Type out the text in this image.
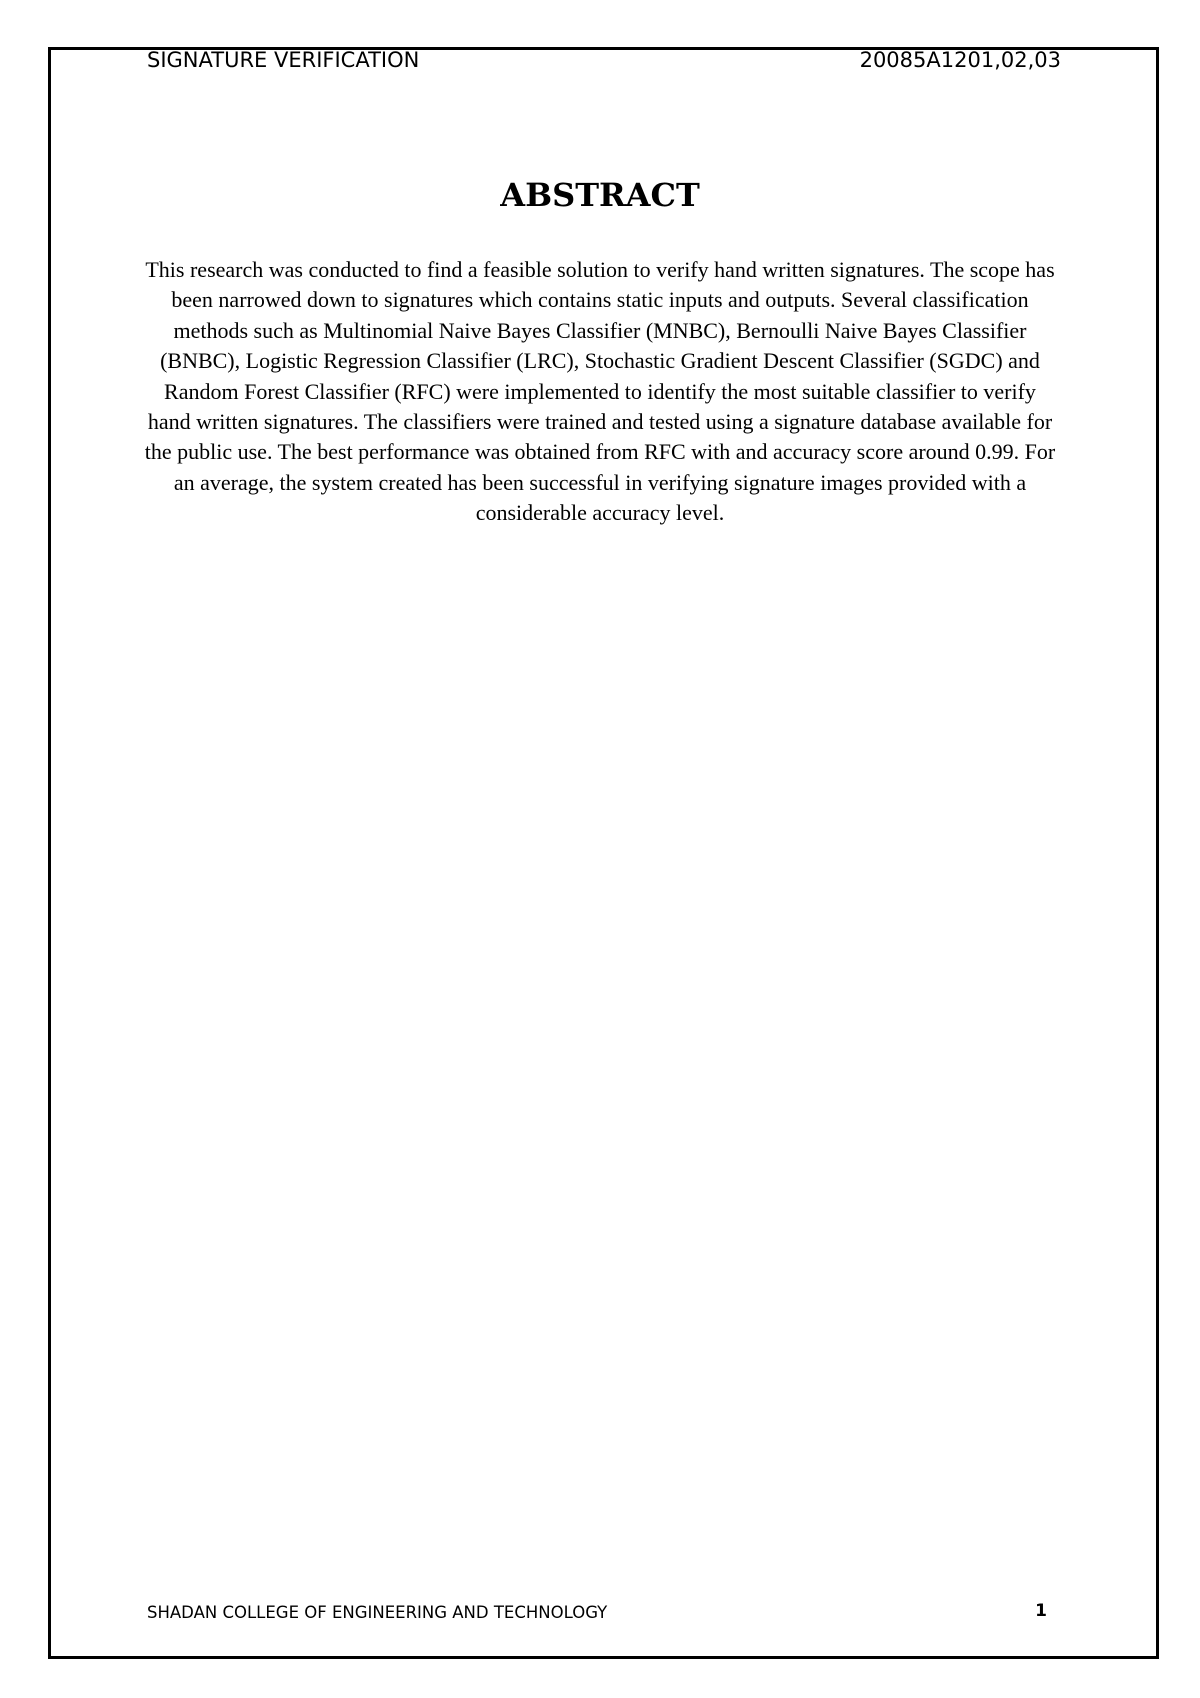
SIGNATURE VERIFICATION	20085A1201,02,03
ABSTRACT
This research was conducted to find a feasible solution to verify hand written signatures. The scope has been narrowed down to signatures which contains static inputs and outputs. Several classification methods such as Multinomial Naive Bayes Classifier (MNBC), Bernoulli Naive Bayes Classifier (BNBC), Logistic Regression Classifier (LRC), Stochastic Gradient Descent Classifier (SGDC) and Random Forest Classifier (RFC) were implemented to identify the most suitable classifier to verify hand written signatures. The classifiers were trained and tested using a signature database available for the public use. The best performance was obtained from RFC with and accuracy score around 0.99. For an average, the system created has been successful in verifying signature images provided with a considerable accuracy level.
SHADAN COLLEGE OF ENGINEERING AND TECHNOLOGY	1
